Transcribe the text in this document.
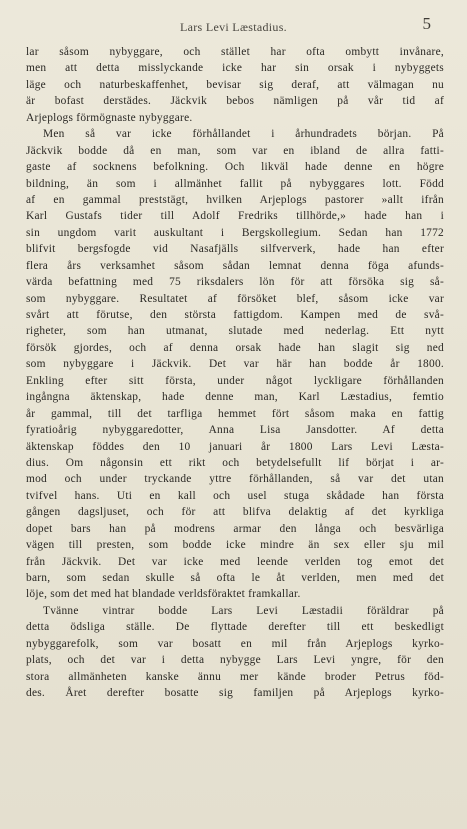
Lars Levi Læstadius.	5
lar såsom nybyggare, och stället har ofta ombytt invånare,
men att detta misslyckande icke har sin orsak i nybyggets
läge och naturbeskaffenhet, bevisar sig deraf, att välmagan nu
är bofast derstädes. Jäckvik bebos nämligen på vår tid af
Arjeplogs förmögnaste nybyggare.
Men så var icke förhållandet i århundradets början. På
Jäckvik bodde då en man, som var en ibland de allra fatti-
gaste af socknens befolkning. Och likväl hade denne en högre
bildning, än som i allmänhet fallit på nybyggares lott. Född
af en gammal preststägt, hvilken Arjeplogs pastorer »allt ifrån
Karl Gustafs tider till Adolf Fredriks tillhörde,» hade han i
sin ungdom varit auskultant i Bergskollegium. Sedan han 1772
blifvit bergsfogde vid Nasafjälls silfververk, hade han efter
flera års verksamhet såsom sådan lemnat denna föga afunds-
värda befattning med 75 riksdalers lön för att försöka sig så-
som nybyggare. Resultatet af försöket blef, såsom icke var
svårt att förutse, den största fattigdom. Kampen med de svå-
righeter, som han utmanat, slutade med nederlag. Ett nytt
försök gjordes, och af denna orsak hade han slagit sig ned
som nybyggare i Jäckvik. Det var här han bodde år 1800.
Enkling efter sitt första, under något lyckligare förhållanden
ingångna äktenskap, hade denne man, Karl Læstadius, femtio
år gammal, till det tarfliga hemmet fört såsom maka en fattig
fyratioårig nybyggaredotter, Anna Lisa Jansdotter. Af detta
äktenskap föddes den 10 januari år 1800 Lars Levi Læsta-
dius. Om någonsin ett rikt och betydelsefullt lif börjat i ar-
mod och under tryckande yttre förhållanden, så var det utan
tvifvel hans. Uti en kall och usel stuga skådade han första
gången dagsljuset, och för att blifva delaktig af det kyrkliga
dopet bars han på modrens armar den långa och besvärliga
vägen till presten, som bodde icke mindre än sex eller sju mil
från Jäckvik. Det var icke med leende verlden tog emot det
barn, som sedan skulle så ofta le åt verlden, men med det
löje, som det med hat blandade verldsföraktet framkallar.
Tvänne vintrar bodde Lars Levi Læstadii föräldrar på
detta ödsliga ställe. De flyttade derefter till ett beskedligt
nybyggarefolk, som var bosatt en mil från Arjeplogs kyrko-
plats, och det var i detta nybygge Lars Levi yngre, för den
stora allmänheten kanske ännu mer kände broder Petrus föd-
des. Året derefter bosatte sig familjen på Arjeplogs kyrko-
